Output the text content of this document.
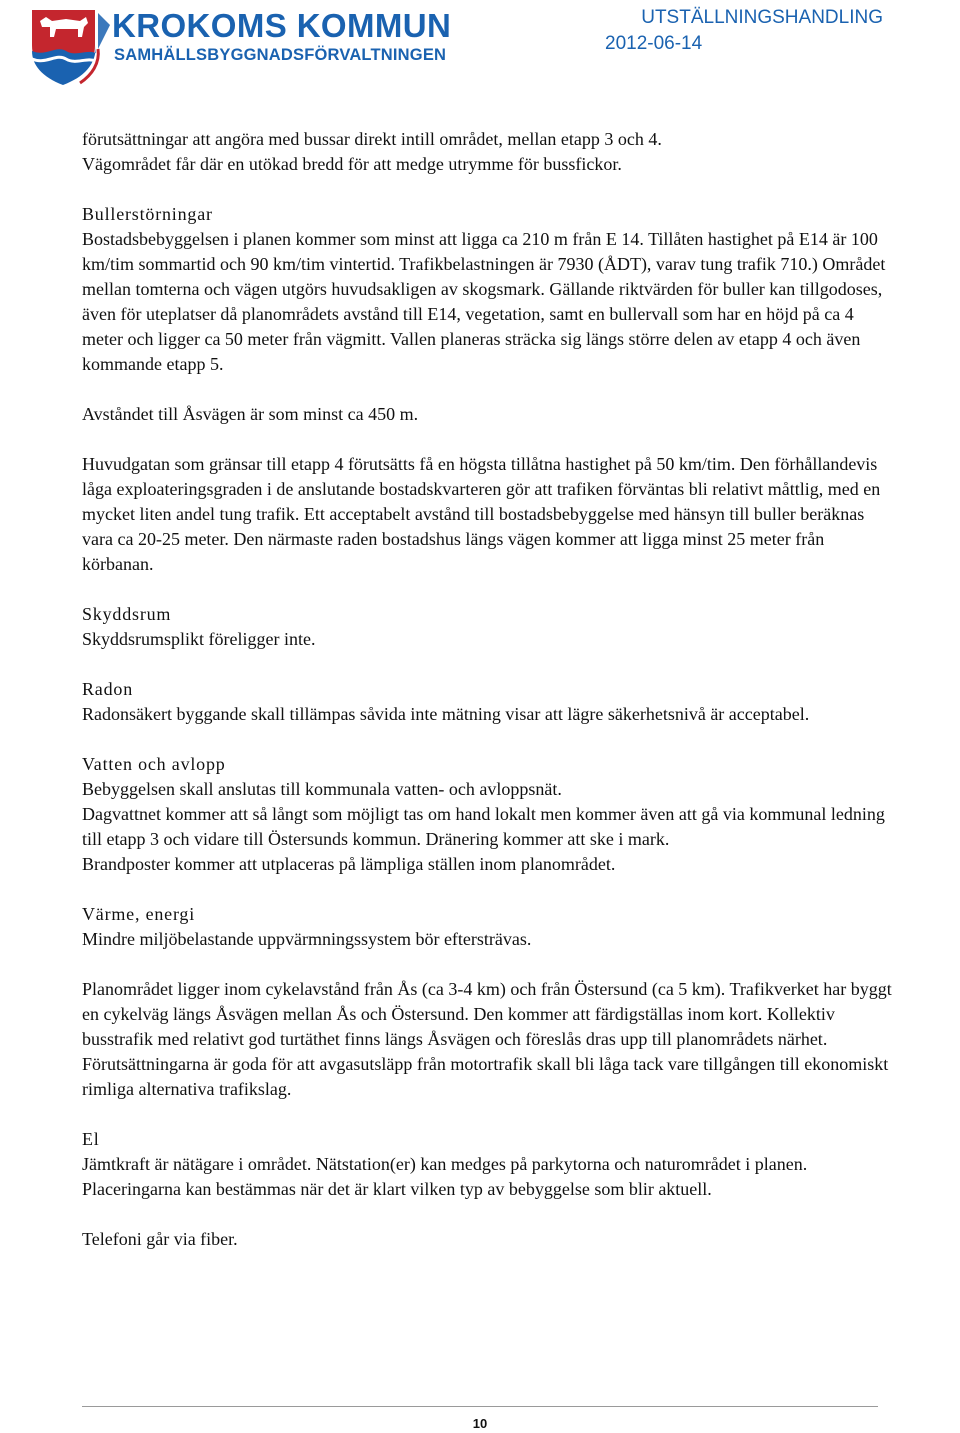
KROKOMS KOMMUN
SAMHÄLLSBYGGNADSFÖRVALTNINGEN
UTSTÄLLNINGSHANDLING
2012-06-14

förutsättningar att angöra med bussar direkt intill området, mellan etapp 3 och 4.

Vägområdet får där en utökad bredd för att medge utrymme för bussfickor.

Bullerstörningar

Bostadsbebyggelsen i planen kommer som minst att ligga ca 210 m från E 14. Tillåten hastighet på E14 är 100 km/tim sommartid och 90 km/tim vintertid. Trafikbelastningen är 7930 (ÅDT), varav tung trafik 710.) Området mellan tomterna och vägen utgörs huvudsakligen av skogsmark. Gällande riktvärden för buller kan tillgodoses, även för uteplatser då planområdets avstånd till E14, vegetation, samt en bullervall som har en höjd på ca 4 meter och ligger ca 50 meter från vägmitt. Vallen planeras sträcka sig längs större delen av etapp 4 och även kommande etapp 5.

Avståndet till Åsvägen är som minst ca 450 m.

Huvudgatan som gränsar till etapp 4 förutsätts få en högsta tillåtna hastighet på 50 km/tim. Den förhållandevis låga exploateringsgraden i de anslutande bostadskvarteren gör att trafiken förväntas bli relativt måttlig, med en mycket liten andel tung trafik. Ett acceptabelt avstånd till bostadsbebyggelse med hänsyn till buller beräknas vara ca 20-25 meter. Den närmaste raden bostadshus längs vägen kommer att ligga minst 25 meter från körbanan.

Skyddsrum

Skyddsrumsplikt föreligger inte.

Radon

Radonsäkert byggande skall tillämpas såvida inte mätning visar att lägre säkerhetsnivå är acceptabel.

Vatten och avlopp

Bebyggelsen skall anslutas till kommunala vatten- och avloppsnät.

Dagvattnet kommer att så långt som möjligt tas om hand lokalt men kommer även att gå via kommunal ledning till etapp 3 och vidare till Östersunds kommun. Dränering kommer att ske i mark.

Brandposter kommer att utplaceras på lämpliga ställen inom planområdet.

Värme, energi

Mindre miljöbelastande uppvärmningssystem bör eftersträvas.

Planområdet ligger inom cykelavstånd från Ås (ca 3-4 km) och från Östersund (ca 5 km). Trafikverket har byggt en cykelväg längs Åsvägen mellan Ås och Östersund. Den kommer att färdigställas inom kort. Kollektiv busstrafik med relativt god turtäthet finns längs Åsvägen och föreslås dras upp till planområdets närhet.

Förutsättningarna är goda för att avgasutsläpp från motortrafik skall bli låga tack vare tillgången till ekonomiskt rimliga alternativa trafikslag.

El

Jämtkraft är nätägare i området. Nätstation(er) kan medges på parkytorna och naturområdet i planen. Placeringarna kan bestämmas när det är klart vilken typ av bebyggelse som blir aktuell.

Telefoni går via fiber.

10
